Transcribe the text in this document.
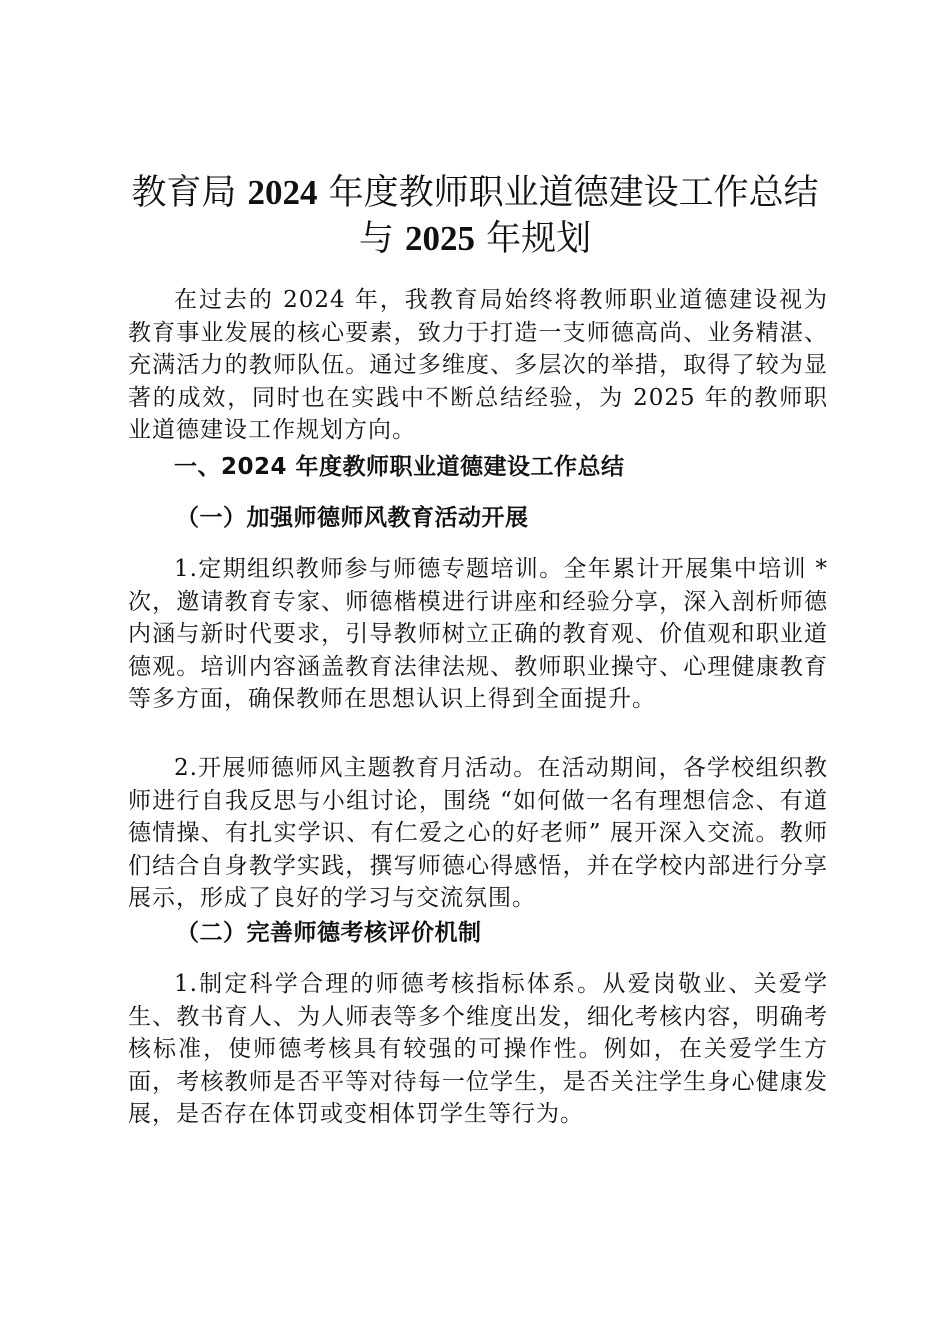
教育局 2024 年度教师职业道德建设工作总结
与 2025 年规划

在过去的 2024 年，我教育局始终将教师职业道德建设视为教育事业发展的核心要素，致力于打造一支师德高尚、业务精湛、充满活力的教师队伍。通过多维度、多层次的举措，取得了较为显著的成效，同时也在实践中不断总结经验，为 2025 年的教师职业道德建设工作规划方向。

一、2024 年度教师职业道德建设工作总结
（一）加强师德师风教育活动开展

1.定期组织教师参与师德专题培训。全年累计开展集中培训 * 次，邀请教育专家、师德楷模进行讲座和经验分享，深入剖析师德内涵与新时代要求，引导教师树立正确的教育观、价值观和职业道德观。培训内容涵盖教育法律法规、教师职业操守、心理健康教育等多方面，确保教师在思想认识上得到全面提升。

2.开展师德师风主题教育月活动。在活动期间，各学校组织教师进行自我反思与小组讨论，围绕 “如何做一名有理想信念、有道德情操、有扎实学识、有仁爱之心的好老师” 展开深入交流。教师们结合自身教学实践，撰写师德心得感悟，并在学校内部进行分享展示，形成了良好的学习与交流氛围。

（二）完善师德考核评价机制

1.制定科学合理的师德考核指标体系。从爱岗敬业、关爱学生、教书育人、为人师表等多个维度出发，细化考核内容，明确考核标准，使师德考核具有较强的可操作性。例如，在关爱学生方面，考核教师是否平等对待每一位学生，是否关注学生身心健康发展，是否存在体罚或变相体罚学生等行为。
